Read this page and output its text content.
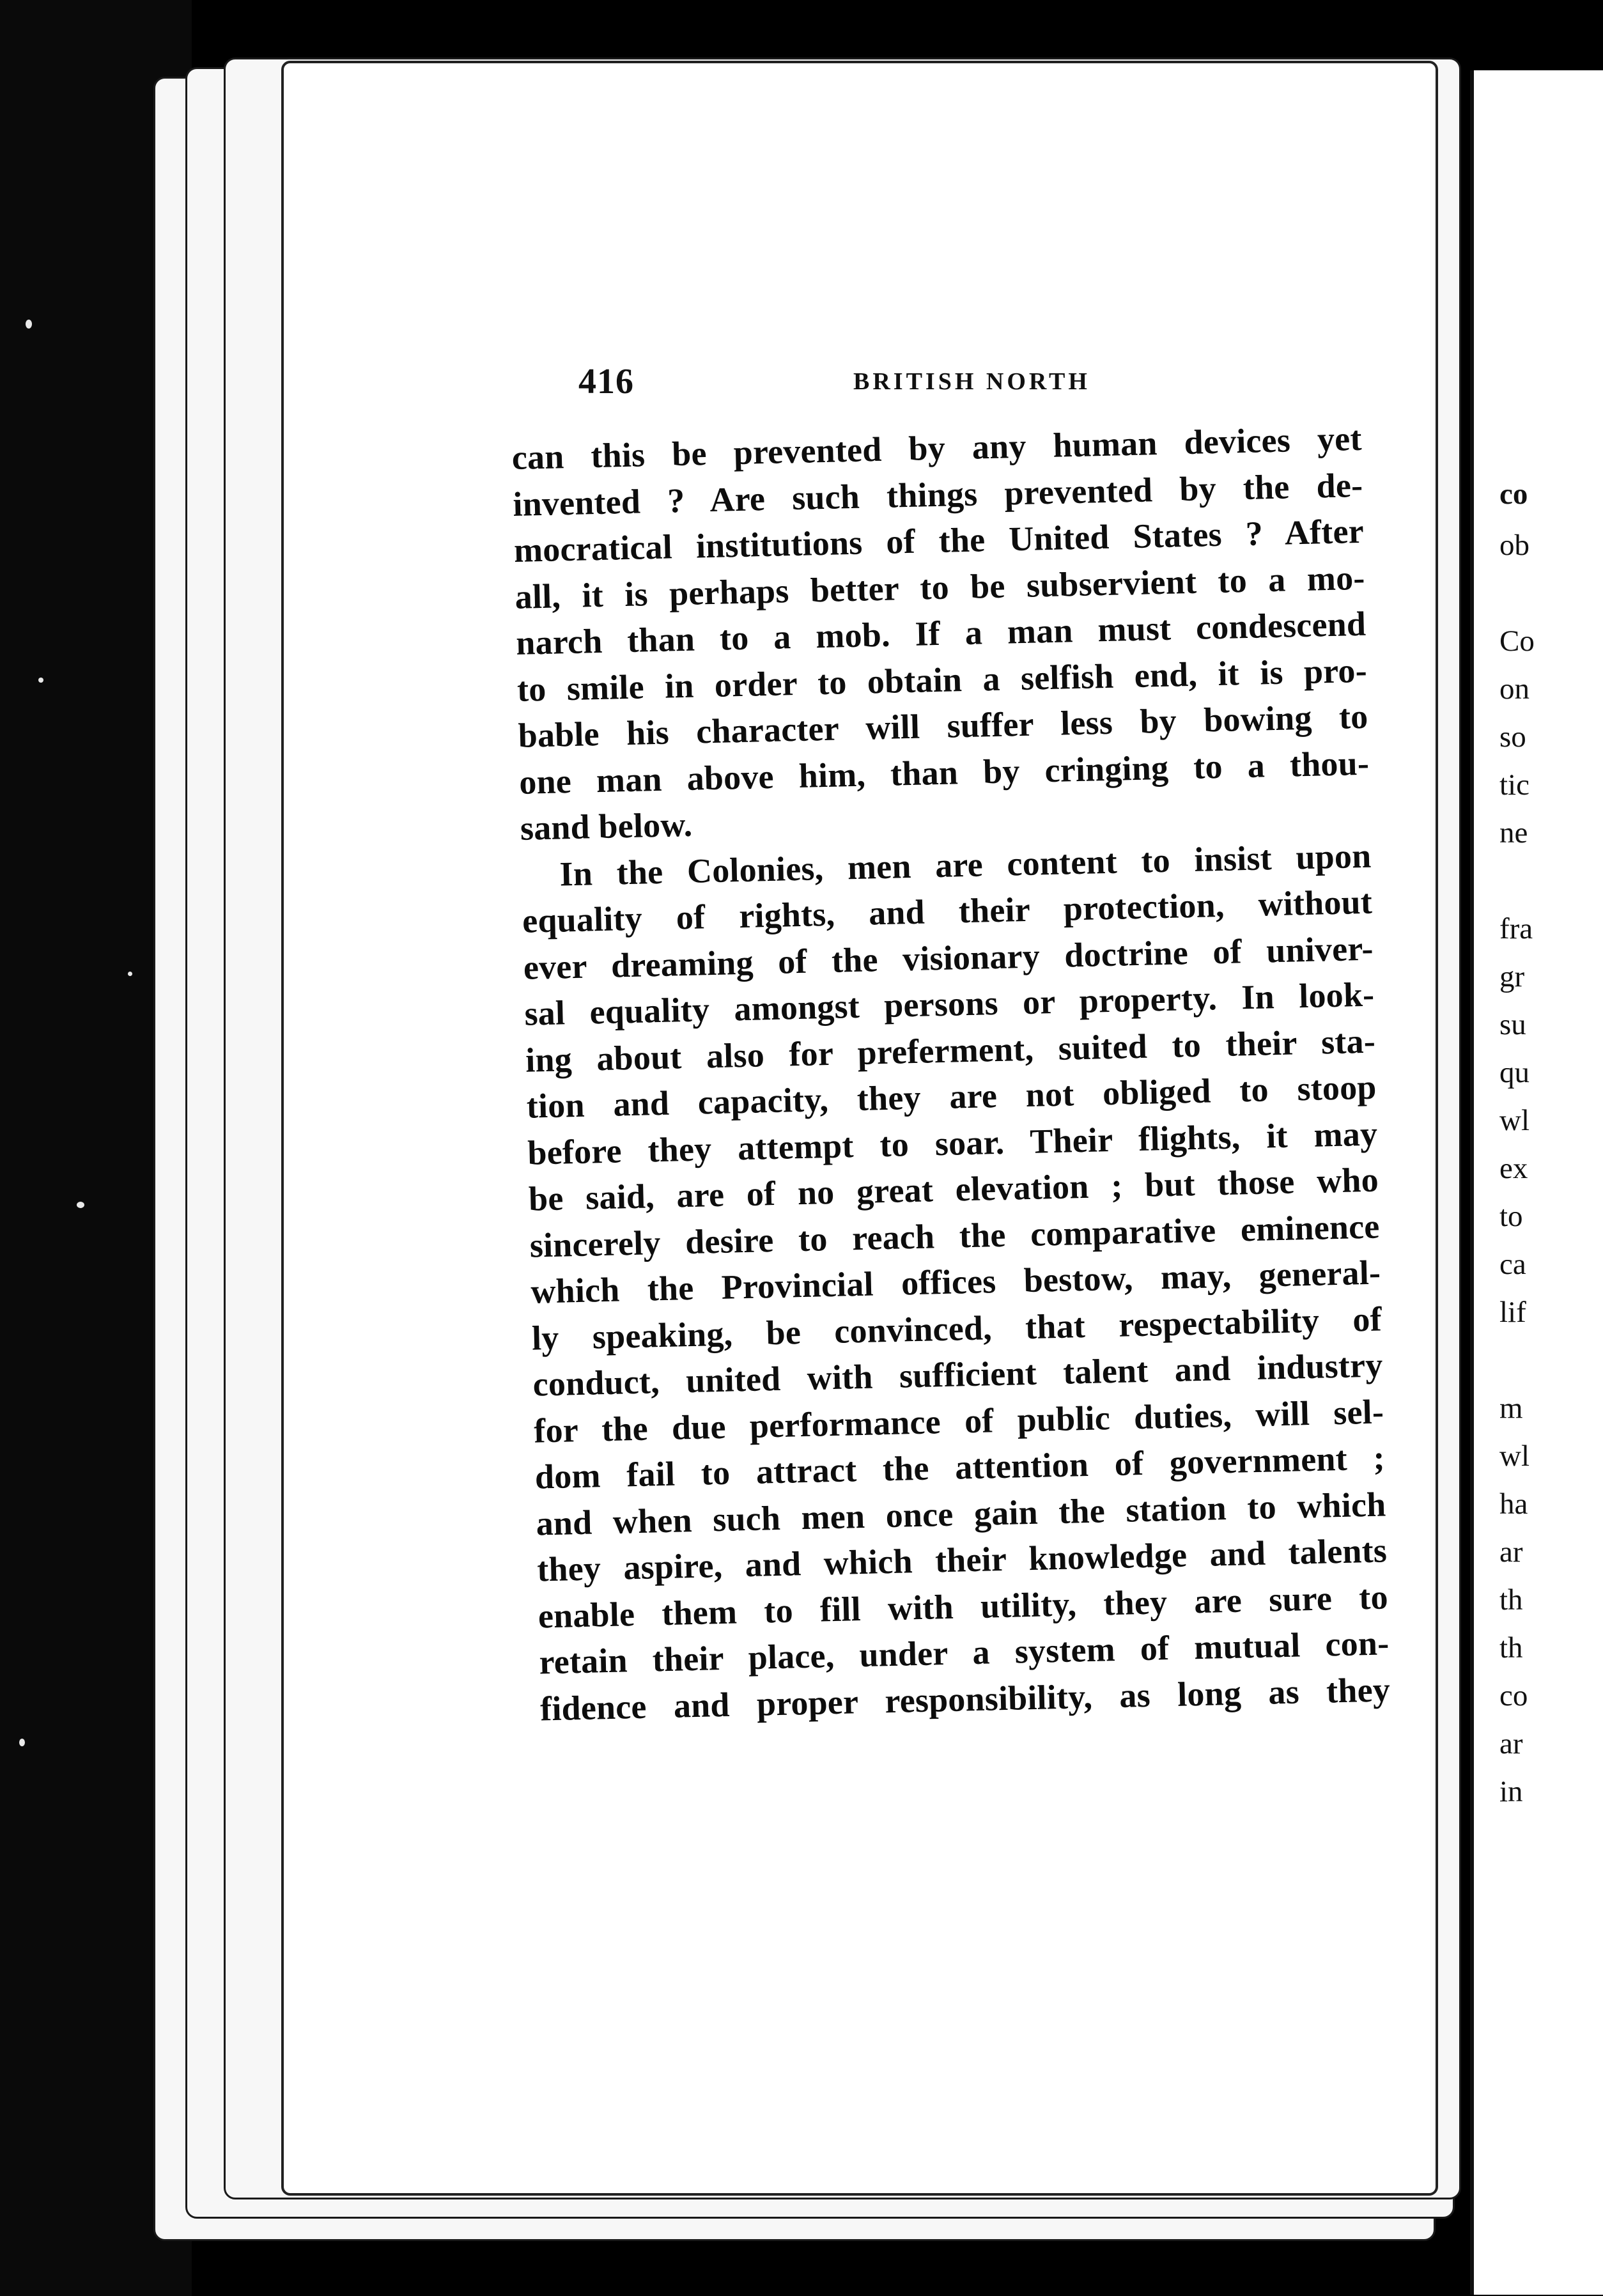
416	BRITISH NORTH
can this be prevented by any human devices yet
invented ? Are such things prevented by the de-
mocratical institutions of the United States ? After
all, it is perhaps better to be subservient to a mo-
narch than to a mob. If a man must condescend
to smile in order to obtain a selfish end, it is pro-
bable his character will suffer less by bowing to
one man above him, than by cringing to a thou-
sand below.
In the Colonies, men are content to insist upon
equality of rights, and their protection, without
ever dreaming of the visionary doctrine of univer-
sal equality amongst persons or property. In look-
ing about also for preferment, suited to their sta-
tion and capacity, they are not obliged to stoop
before they attempt to soar. Their flights, it may
be said, are of no great elevation ; but those who
sincerely desire to reach the comparative eminence
which the Provincial offices bestow, may, general-
ly speaking, be convinced, that respectability of
conduct, united with sufficient talent and industry
for the due performance of public duties, will sel-
dom fail to attract the attention of government ;
and when such men once gain the station to which
they aspire, and which their knowledge and talents
enable them to fill with utility, they are sure to
retain their place, under a system of mutual con-
fidence and proper responsibility, as long as they
co
ob
Co
on
so
tic
ne
fra
gr
su
qu
wl
ex
to
ca
lif
m
wl
ha
ar
th
th
co
ar
in
